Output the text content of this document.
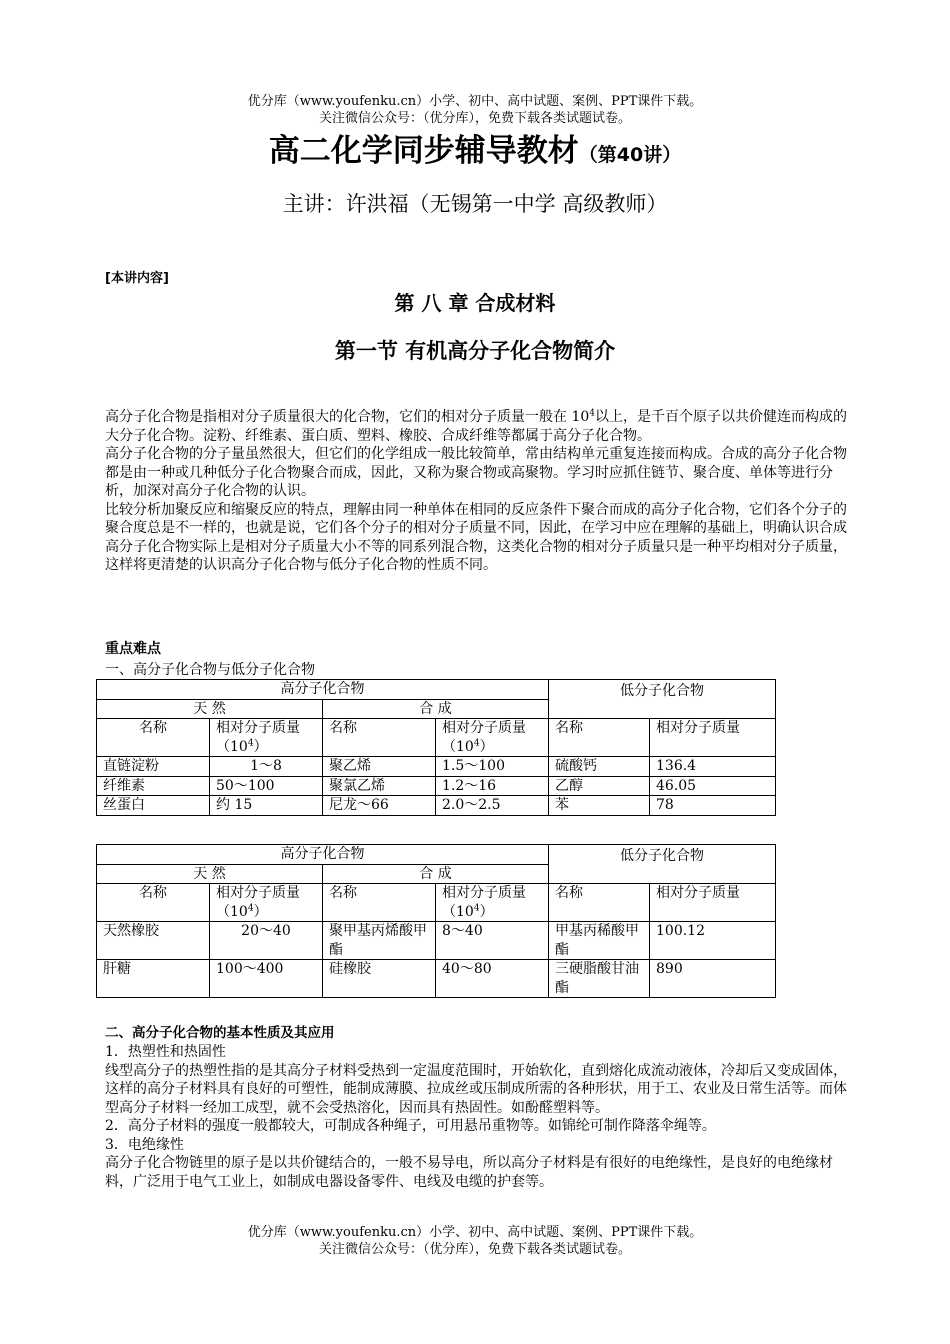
优分库（www.youfenku.cn）小学、初中、高中试题、案例、PPT课件下载。
关注微信公众号：（优分库），免费下载各类试题试卷。
高二化学同步辅导教材（第40讲）
主讲：许洪福（无锡第一中学 高级教师）
[本讲内容]
第 八 章 合成材料
第一节 有机高分子化合物简介

高分子化合物是指相对分子质量很大的化合物，它们的相对分子质量一般在 $10^4$以上，是千百个原子以共价健连而构成的大分子化合物。淀粉、纤维素、蛋白质、塑料、橡胶、合成纤维等都属于高分子化合物。

高分子化合物的分子量虽然很大，但它们的化学组成一般比较简单，常由结构单元重复连接而构成。合成的高分子化合物都是由一种或几种低分子化合物聚合而成，因此，又称为聚合物或高聚物。学习时应抓住链节、聚合度、单体等进行分析，加深对高分子化合物的认识。

比较分析加聚反应和缩聚反应的特点，理解由同一种单体在相同的反应条件下聚合而成的高分子化合物，它们各个分子的聚合度总是不一样的，也就是说，它们各个分子的相对分子质量不同，因此，在学习中应在理解的基础上，明确认识合成高分子化合物实际上是相对分子质量大小不等的同系列混合物，这类化合物的相对分子质量只是一种平均相对分子质量，这样将更清楚的认识高分子化合物与低分子化合物的性质不同。

重点难点
一、高分子化合物与低分子化合物
高分子化合物				低分子化合物	
天 然		合 成			
名称	相对分子质量$(10^4)$	名称	相对分子质量$(10^4)$	名称	相对分子质量
直链淀粉	1～8	聚乙烯	1.5～100	硫酸钙	136.4
纤维素	50～100	聚氯乙烯	1.2～16	乙醇	46.05
丝蛋白	约 15	尼龙～66	2.0～2.5	苯	78
高分子化合物				低分子化合物	
天 然		合 成			
名称	相对分子质量$(10^4)$	名称	相对分子质量$(10^4)$	名称	相对分子质量
天然橡胶	20～40	聚甲基丙烯酸甲酯	8～40	甲基丙稀酸甲酯	100.12
肝糖	100～400	硅橡胶	40～80	三硬脂酸甘油酯	890
二、高分子化合物的基本性质及其应用

1．热塑性和热固性

线型高分子的热塑性指的是其高分子材料受热到一定温度范围时，开始软化，直到熔化成流动液体，冷却后又变成固体，这样的高分子材料具有良好的可塑性，能制成薄膜、拉成丝或压制成所需的各种形状，用于工、农业及日常生活等。而体型高分子材料一经加工成型，就不会受热溶化，因而具有热固性。如酚醛塑料等。

2．高分子材料的强度一般都较大，可制成各种绳子，可用悬吊重物等。如锦纶可制作降落伞绳等。

3．电绝缘性

高分子化合物链里的原子是以共价键结合的，一般不易导电，所以高分子材料是有很好的电绝缘性，是良好的电绝缘材料，广泛用于电气工业上，如制成电器设备零件、电线及电缆的护套等。

优分库（www.youfenku.cn）小学、初中、高中试题、案例、PPT课件下载。
关注微信公众号：（优分库），免费下载各类试题试卷。
